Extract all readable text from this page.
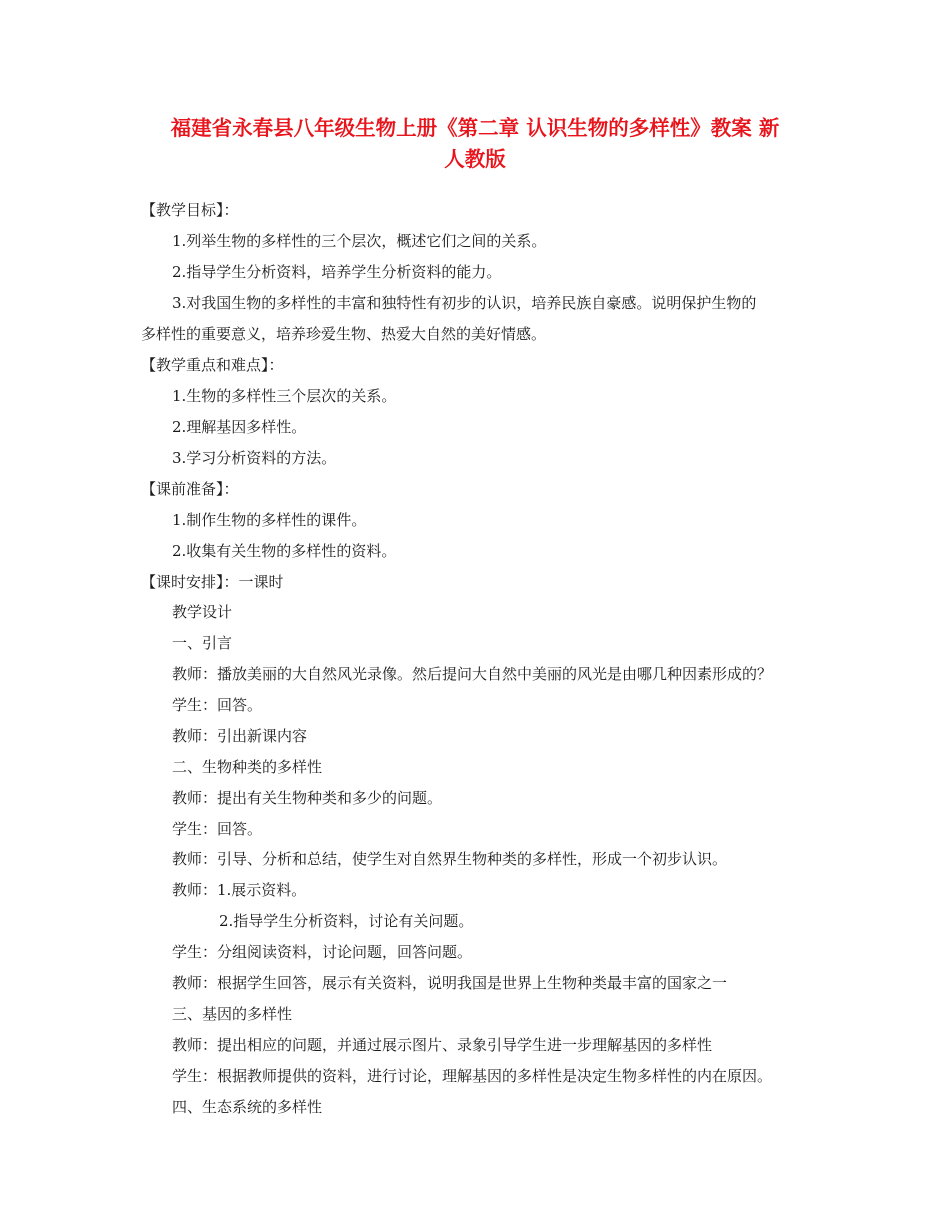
福建省永春县八年级生物上册《第二章 认识生物的多样性》教案 新
人教版

【教学目标】：

1.列举生物的多样性的三个层次，概述它们之间的关系。

2.指导学生分析资料，培养学生分析资料的能力。

3.对我国生物的多样性的丰富和独特性有初步的认识，培养民族自豪感。说明保护生物的

多样性的重要意义，培养珍爱生物、热爱大自然的美好情感。

【教学重点和难点】：

1.生物的多样性三个层次的关系。

2.理解基因多样性。

3.学习分析资料的方法。

【课前准备】：

1.制作生物的多样性的课件。

2.收集有关生物的多样性的资料。

【课时安排】：一课时

教学设计

一、引言

教师：播放美丽的大自然风光录像。然后提问大自然中美丽的风光是由哪几种因素形成的？

学生：回答。

教师：引出新课内容

二、生物种类的多样性

教师：提出有关生物种类和多少的问题。

学生：回答。

教师：引导、分析和总结，使学生对自然界生物种类的多样性，形成一个初步认识。

教师：1.展示资料。

2.指导学生分析资料，讨论有关问题。

学生：分组阅读资料，讨论问题，回答问题。

教师：根据学生回答，展示有关资料，说明我国是世界上生物种类最丰富的国家之一

三、基因的多样性

教师：提出相应的问题，并通过展示图片、录象引导学生进一步理解基因的多样性

学生：根据教师提供的资料，进行讨论，理解基因的多样性是决定生物多样性的内在原因。

四、生态系统的多样性
